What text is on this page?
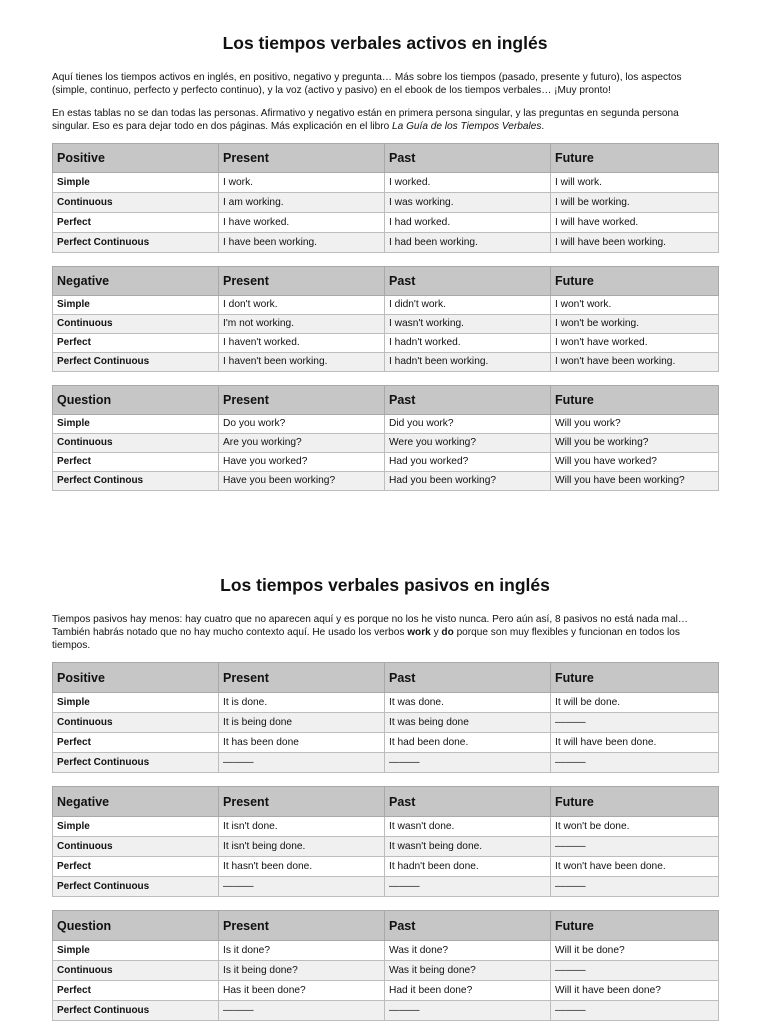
Los tiempos verbales activos en inglés

Aquí tienes los tiempos activos en inglés, en positivo, negativo y pregunta… Más sobre los tiempos (pasado, presente y futuro), los aspectos (simple, continuo, perfecto y perfecto continuo), y la voz (activo y pasivo) en el ebook de los tiempos verbales… ¡Muy pronto!

En estas tablas no se dan todas las personas. Afirmativo y negativo están en primera persona singular, y las preguntas en segunda persona singular. Eso es para dejar todo en dos páginas. Más explicación en el libro La Guía de los Tiempos Verbales.

Positive	Present	Past	Future
Simple	I work.	I worked.	I will work.
Continuous	I am working.	I was working.	I will be working.
Perfect	I have worked.	I had worked.	I will have worked.
Perfect Continuous	I have been working.	I had been working.	I will have been working.
Negative	Present	Past	Future
Simple	I don't work.	I didn't work.	I won't work.
Continuous	I'm not working.	I wasn't working.	I won't be working.
Perfect	I haven't worked.	I hadn't worked.	I won't have worked.
Perfect Continuous	I haven't been working.	I hadn't been working.	I won't have been working.
Question	Present	Past	Future
Simple	Do you work?	Did you work?	Will you work?
Continuous	Are you working?	Were you working?	Will you be working?
Perfect	Have you worked?	Had you worked?	Will you have worked?
Perfect Continous	Have you been working?	Had you been working?	Will you have been working?
Los tiempos verbales pasivos en inglés

Tiempos pasivos hay menos: hay cuatro que no aparecen aquí y es porque no los he visto nunca. Pero aún así, 8 pasivos no está nada mal… También habrás notado que no hay mucho contexto aquí. He usado los verbos work y do porque son muy flexibles y funcionan en todos los tiempos.

Positive	Present	Past	Future
Simple	It is done.	It was done.	It will be done.
Continuous	It is being done	It was being done	———
Perfect	It has been done	It had been done.	It will have been done.
Perfect Continuous	———	———	———
Negative	Present	Past	Future
Simple	It isn't done.	It wasn't done.	It won't be done.
Continuous	It isn't being done.	It wasn't being done.	———
Perfect	It hasn't been done.	It hadn't been done.	It won't have been done.
Perfect Continuous	———	———	———
Question	Present	Past	Future
Simple	Is it done?	Was it done?	Will it be done?
Continuous	Is it being done?	Was it being done?	———
Perfect	Has it been done?	Had it been done?	Will it have been done?
Perfect Continuous	———	———	———
